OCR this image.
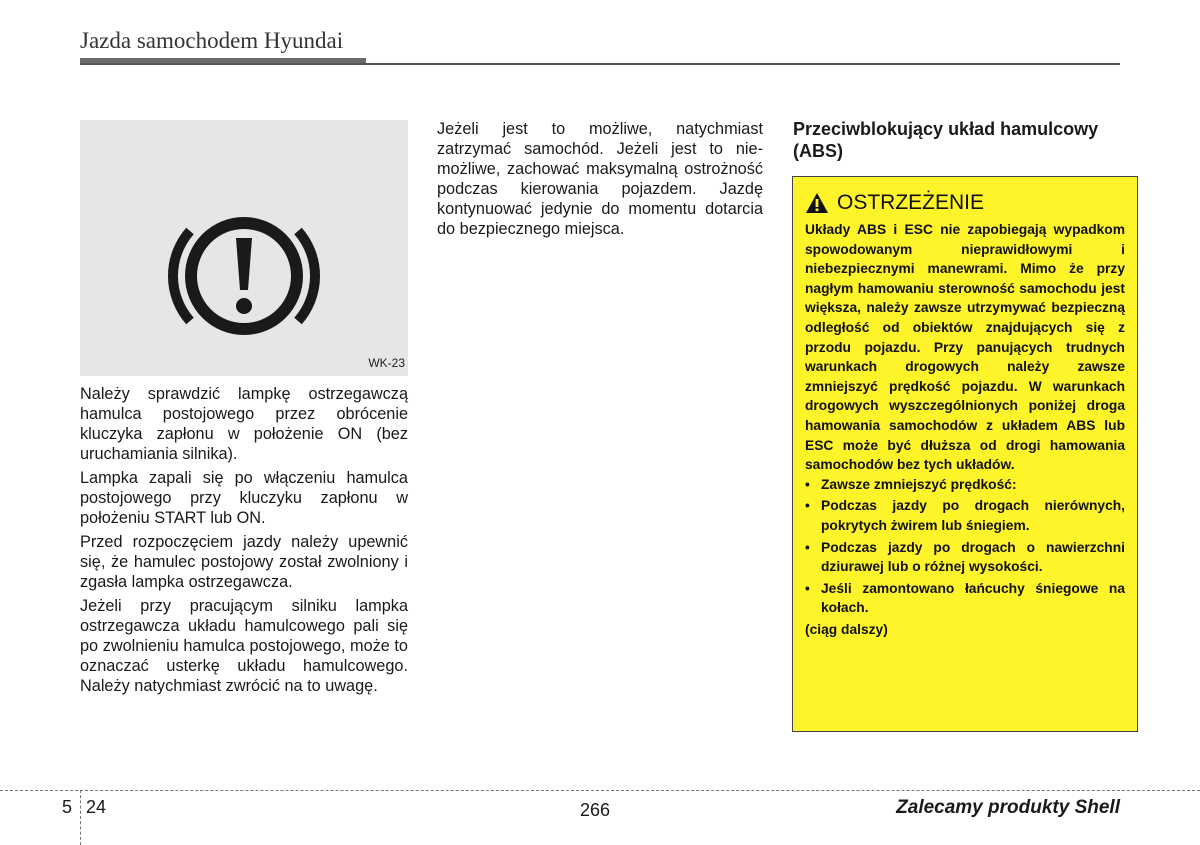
Jazda samochodem Hyundai
WK-23

Należy sprawdzić lampkę ostrzegawczą hamulca postojowego przez obrócenie kluczyka zapłonu w położenie ON (bez uruchamiania silnika).

Lampka zapali się po włączeniu hamulca postojowego przy kluczyku zapłonu w położeniu START lub ON.

Przed rozpoczęciem jazdy należy upewnić się, że hamulec postojowy został zwolniony i zgasła lampka ostrzegawcza.

Jeżeli przy pracującym silniku lampka ostrzegawcza układu hamulcowego pali się po zwolnieniu hamulca postojowego, może to oznaczać usterkę układu hamulcowego. Należy natychmiast zwrócić na to uwagę.

Jeżeli jest to możliwe, natychmiast zatrzymać samochód. Jeżeli jest to niemożliwe, zachować maksymalną ostrożność podczas kierowania pojazdem. Jazdę kontynuować jedynie do momentu dotarcia do bezpiecznego miejsca.

Przeciwblokujący układ hamulcowy (ABS)
OSTRZEŻENIE
Układy ABS i ESC nie zapobiegają wypadkom spowodowanym nieprawidłowymi i niebezpiecznymi manewrami. Mimo że przy nagłym hamowaniu sterowność samochodu jest większa, należy zawsze utrzymywać bezpieczną odległość od obiektów znajdujących się z przodu pojazdu. Przy panujących trudnych warunkach drogowych należy zawsze zmniejszyć prędkość pojazdu. W warunkach drogowych wyszczególnionych poniżej droga hamowania samochodów z układem ABS lub ESC może być dłuższa od drogi hamowania samochodów bez tych układów.
• Zawsze zmniejszyć prędkość:
• Podczas jazdy po drogach nierównych, pokrytych żwirem lub śniegiem.
• Podczas jazdy po drogach o nawierzchni dziurawej lub o różnej wysokości.
• Jeśli zamontowano łańcuchy śniegowe na kołach.
(ciąg dalszy)
5 24	266	Zalecamy produkty Shell
